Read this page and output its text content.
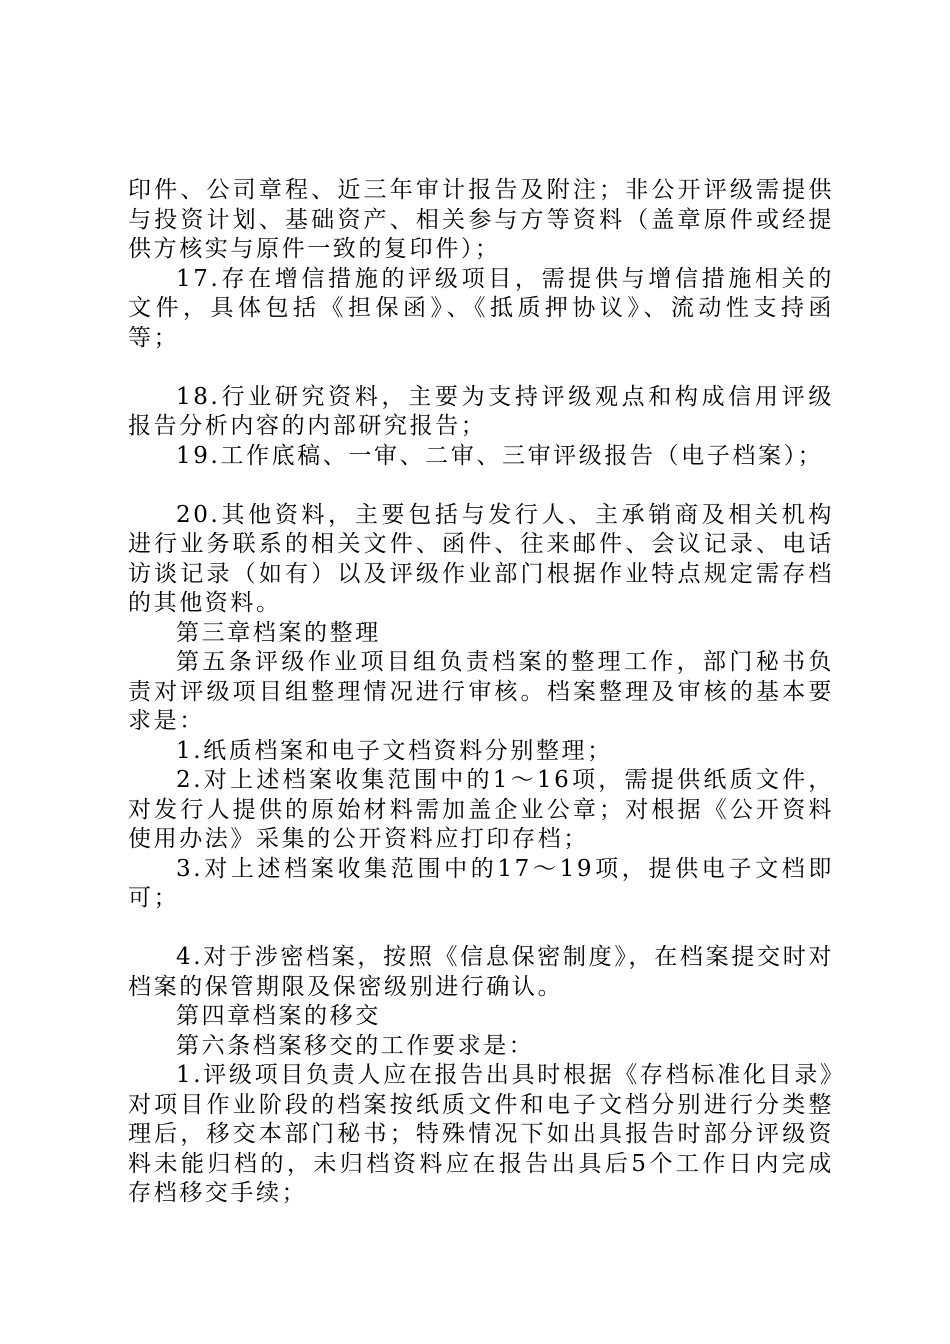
印件、公司章程、近三年审计报告及附注；非公开评级需提供与投资计划、基础资产、相关参与方等资料（盖章原件或经提供方核实与原件一致的复印件）；

17.存在增信措施的评级项目，需提供与增信措施相关的文件，具体包括《担保函》、《抵质押协议》、流动性支持函等；

18.行业研究资料，主要为支持评级观点和构成信用评级报告分析内容的内部研究报告；

19.工作底稿、一审、二审、三审评级报告（电子档案）；

20.其他资料，主要包括与发行人、主承销商及相关机构进行业务联系的相关文件、函件、往来邮件、会议记录、电话访谈记录（如有）以及评级作业部门根据作业特点规定需存档的其他资料。

第三章档案的整理

第五条评级作业项目组负责档案的整理工作，部门秘书负责对评级项目组整理情况进行审核。档案整理及审核的基本要求是：

1.纸质档案和电子文档资料分别整理；

2.对上述档案收集范围中的1～16项，需提供纸质文件，对发行人提供的原始材料需加盖企业公章；对根据《公开资料使用办法》采集的公开资料应打印存档；

3.对上述档案收集范围中的17～19项，提供电子文档即可；

4.对于涉密档案，按照《信息保密制度》，在档案提交时对档案的保管期限及保密级别进行确认。

第四章档案的移交

第六条档案移交的工作要求是：

1.评级项目负责人应在报告出具时根据《存档标准化目录》对项目作业阶段的档案按纸质文件和电子文档分别进行分类整理后，移交本部门秘书；特殊情况下如出具报告时部分评级资料未能归档的，未归档资料应在报告出具后5个工作日内完成存档移交手续；
